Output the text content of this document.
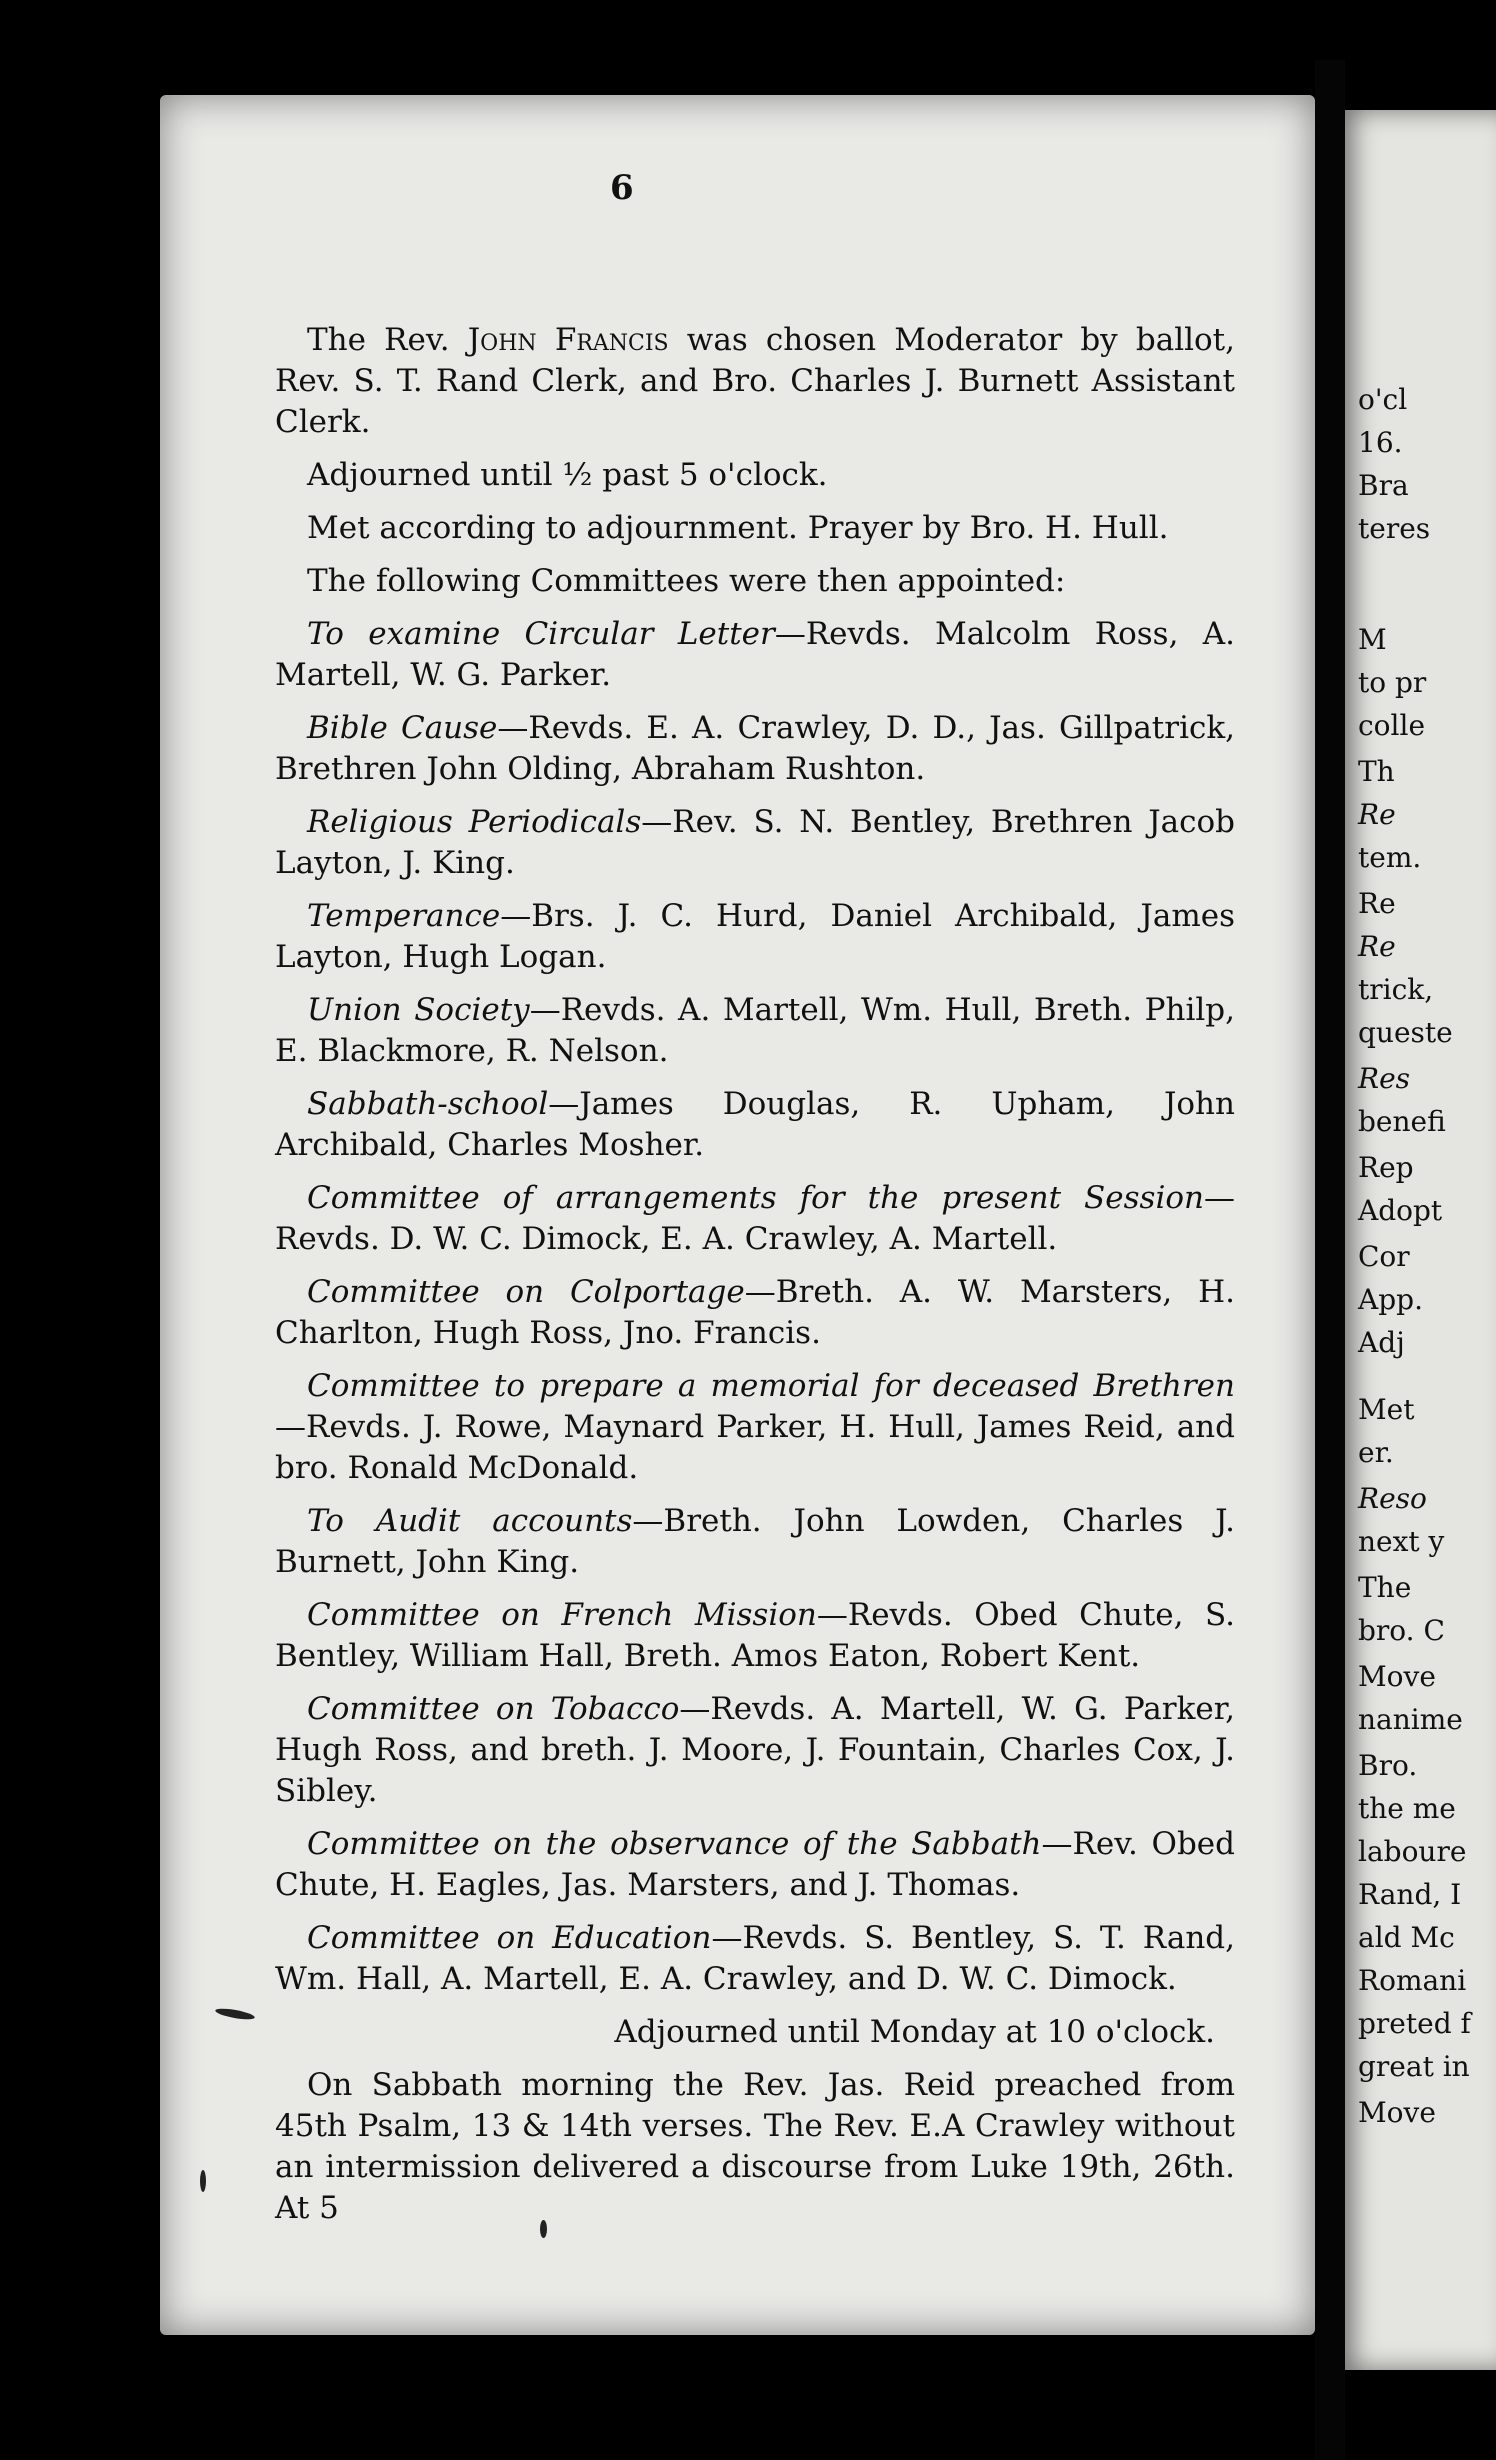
6

The Rev. John Francis was chosen Moderator by ballot, Rev. S. T. Rand Clerk, and Bro. Charles J. Burnett Assistant Clerk.

Adjourned until ½ past 5 o'clock.

Met according to adjournment. Prayer by Bro. H. Hull.

The following Committees were then appointed:

To examine Circular Letter—Revds. Malcolm Ross, A. Martell, W. G. Parker.

Bible Cause—Revds. E. A. Crawley, D. D., Jas. Gillpatrick, Brethren John Olding, Abraham Rushton.

Religious Periodicals—Rev. S. N. Bentley, Brethren Jacob Layton, J. King.

Temperance—Brs. J. C. Hurd, Daniel Archibald, James Layton, Hugh Logan.

Union Society—Revds. A. Martell, Wm. Hull, Breth. Philp, E. Blackmore, R. Nelson.

Sabbath-school—James Douglas, R. Upham, John Archibald, Charles Mosher.

Committee of arrangements for the present Session—Revds. D. W. C. Dimock, E. A. Crawley, A. Martell.

Committee on Colportage—Breth. A. W. Marsters, H. Charlton, Hugh Ross, Jno. Francis.

Committee to prepare a memorial for deceased Brethren—Revds. J. Rowe, Maynard Parker, H. Hull, James Reid, and bro. Ronald McDonald.

To Audit accounts—Breth. John Lowden, Charles J. Burnett, John King.

Committee on French Mission—Revds. Obed Chute, S. Bentley, William Hall, Breth. Amos Eaton, Robert Kent.

Committee on Tobacco—Revds. A. Martell, W. G. Parker, Hugh Ross, and breth. J. Moore, J. Fountain, Charles Cox, J. Sibley.

Committee on the observance of the Sabbath—Rev. Obed Chute, H. Eagles, Jas. Marsters, and J. Thomas.

Committee on Education—Revds. S. Bentley, S. T. Rand, Wm. Hall, A. Martell, E. A. Crawley, and D. W. C. Dimock.

Adjourned until Monday at 10 o'clock.

On Sabbath morning the Rev. Jas. Reid preached from 45th Psalm, 13 & 14th verses. The Rev. E.A Crawley without an intermission delivered a discourse from Luke 19th, 26th. At 5

o'cl
16.
Bra
teres
M
to pr
colle
Th
Re
tem.
Re
Re
trick,
queste
Res
benefi
Rep
Adopt
Cor
App.
Adj
Met
er.
Reso
next y
The
bro. C
Move
nanime
Bro.
the me
laboure
Rand, I
ald Mc
Romani
preted f
great in
Move
